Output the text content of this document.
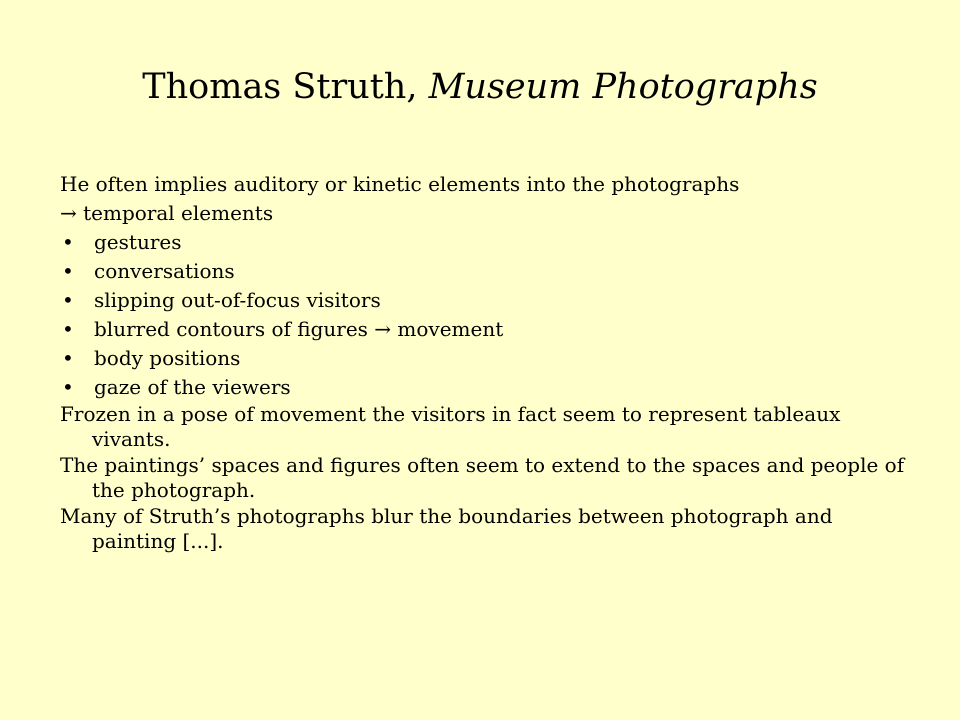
Thomas Struth, Museum Photographs

He often implies auditory or kinetic elements into the photographs

→ temporal elements

• gestures
• conversations
• slipping out-of-focus visitors
• blurred contours of figures → movement
• body positions
• gaze of the viewers

Frozen in a pose of movement the visitors in fact seem to represent tableaux vivants.

The paintings’ spaces and figures often seem to extend to the spaces and people of the photograph.

Many of Struth’s photographs blur the boundaries between photograph and painting [...].
